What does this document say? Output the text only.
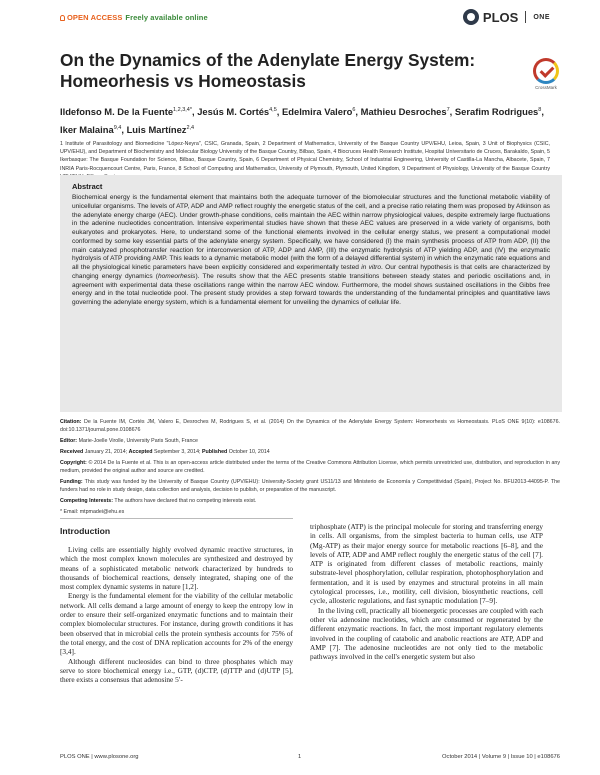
OPEN ACCESS Freely available online	PLOS ONE
On the Dynamics of the Adenylate Energy System: Homeorhesis vs Homeostasis	CrossMark
Ildefonso M. De la Fuente$^{1,2,3,4*}$, Jesús M. Cortés$^{4,5}$, Edelmira Valero$^6$, Mathieu Desroches$^7$, Serafim Rodrigues$^8$, Iker Malaina$^{9,4}$, Luis Martínez$^{2,4}$
1 Institute of Parasitology and Biomedicine "López-Neyra", CSIC, Granada, Spain, 2 Department of Mathematics, University of the Basque Country UPV/EHU, Leioa, Spain, 3 Unit of Biophysics (CSIC, UPV/EHU), and Department of Biochemistry and Molecular Biology University of the Basque Country, Bilbao, Spain, 4 Biocruces Health Research Institute, Hospital Universitario de Cruces, Barakaldo, Spain, 5 Ikerbasque: The Basque Foundation for Science, Bilbao, Basque Country, Spain, 6 Department of Physical Chemistry, School of Industrial Engineering, University of Castilla-La Mancha, Albacete, Spain, 7 INRIA Paris-Rocquencourt Centre, Paris, France, 8 School of Computing and Mathematics, University of Plymouth, Plymouth, United Kingdom, 9 Department of Physiology, University of the Basque Country
Abstract
Biochemical energy is the fundamental element that maintains both the adequate turnover of the biomolecular structures and the functional metabolic viability of unicellular organisms. The levels of ATP, ADP and AMP reflect roughly the energetic status of the cell, and a precise ratio relating them was proposed by Atkinson as the adenylate energy charge (AEC). Under growth-phase conditions, cells maintain the AEC within narrow physiological values, despite extremely large fluctuations in the adenine nucleotides concentration. Intensive experimental studies have shown that these AEC values are preserved in a wide variety of organisms, both eukaryotes and prokaryotes. Here, to understand some of the functional elements involved in the cellular energy status, we present a computational model conformed by some key essential parts of the adenylate energy system. Specifically, we have considered (I) the main synthesis process of ATP from ADP, (II) the main catalyzed phosphotransfer reaction for interconversion of ATP, ADP and AMP, (III) the enzymatic hydrolysis of ATP yielding ADP, and (IV) the enzymatic hydrolysis of ATP providing AMP. This leads to a dynamic metabolic model (with the form of a delayed differential system) in which the enzymatic rate equations and all the physiological kinetic parameters have been explicitly considered and experimentally tested in vitro. Our central hypothesis is that cells are characterized by changing energy dynamics (homeorhesis). The results show that the AEC presents stable transitions between steady states and periodic oscillations and, in agreement with experimental data these oscillations range within the narrow AEC window. Furthermore, the model shows sustained oscillations in the Gibbs free energy and in the total nucleotide pool. The present study provides a step forward towards the understanding of the fundamental principles and quantitative laws governing the adenylate energy system, which is a fundamental element for unveiling the dynamics of cellular life.

Citation: De la Fuente IM, Cortés JM, Valero E, Desroches M, Rodrigues S, et al. (2014) On the Dynamics of the Adenylate Energy System: Homeorhesis vs Homeostasis. PLoS ONE 9(10): e108676. doi:10.1371/journal.pone.0108676

Editor: Marie-Joelle Virolle, University Paris South, France

Received January 21, 2014; Accepted September 3, 2014; Published October 10, 2014

Copyright: © 2014 De la Fuente et al. This is an open-access article distributed under the terms of the Creative Commons Attribution License, which permits unrestricted use, distribution, and reproduction in any medium, provided the original author and source are credited.

Funding: This study was funded by the University of Basque Country (UPV/EHU): University-Society grant US11/13 and Ministerio de Economía y Competitividad (Spain), Project No. BFU2013-44095-P. The funders had no role in study design, data collection and analysis, decision to publish, or preparation of the manuscript.

Competing Interests: The authors have declared that no competing interests exist.

* Email: mtpmadei@ehu.es

Introduction

Living cells are essentially highly evolved dynamic reactive structures, in which the most complex known molecules are synthesized and destroyed by means of a sophisticated metabolic network characterized by hundreds to thousands of biochemical reactions, densely integrated, shaping one of the most complex dynamic systems in nature [1,2].

Energy is the fundamental element for the viability of the cellular metabolic network. All cells demand a large amount of energy to keep the entropy low in order to ensure their self-organized enzymatic functions and to maintain their complex biomolecular structures. For instance, during growth conditions it has been observed that in microbial cells the protein synthesis accounts for 75% of the total energy, and the cost of DNA replication accounts for 2% of the energy [3,4].

Although different nucleosides can bind to three phosphates which may serve to store biochemical energy i.e., GTP, (d)CTP, (d)TTP and (d)UTP [5], there exists a consensus that adenosine 5′-

triphosphate (ATP) is the principal molecule for storing and transferring energy in cells. All organisms, from the simplest bacteria to human cells, use ATP (Mg-ATP) as their major energy source for metabolic reactions [6–8], and the levels of ATP, ADP and AMP reflect roughly the energetic status of the cell [7]. ATP is originated from different classes of metabolic reactions, mainly substrate-level phosphorylation, cellular respiration, photophosphorylation and fermentation, and it is used by enzymes and structural proteins in all main cytological processes, i.e., motility, cell division, biosynthetic reactions, cell cycle, allosteric regulations, and fast synaptic modulation [7–9].

In the living cell, practically all bioenergetic processes are coupled with each other via adenosine nucleotides, which are consumed or regenerated by the different enzymatic reactions. In fact, the most important regulatory elements involved in the coupling of catabolic and anabolic reactions are ATP, ADP and AMP [7]. The adenosine nucleotides are not only tied to the metabolic pathways involved in the cell's energetic system but also

PLOS ONE | www.plosone.org	1	October 2014 | Volume 9 | Issue 10 | e108676
